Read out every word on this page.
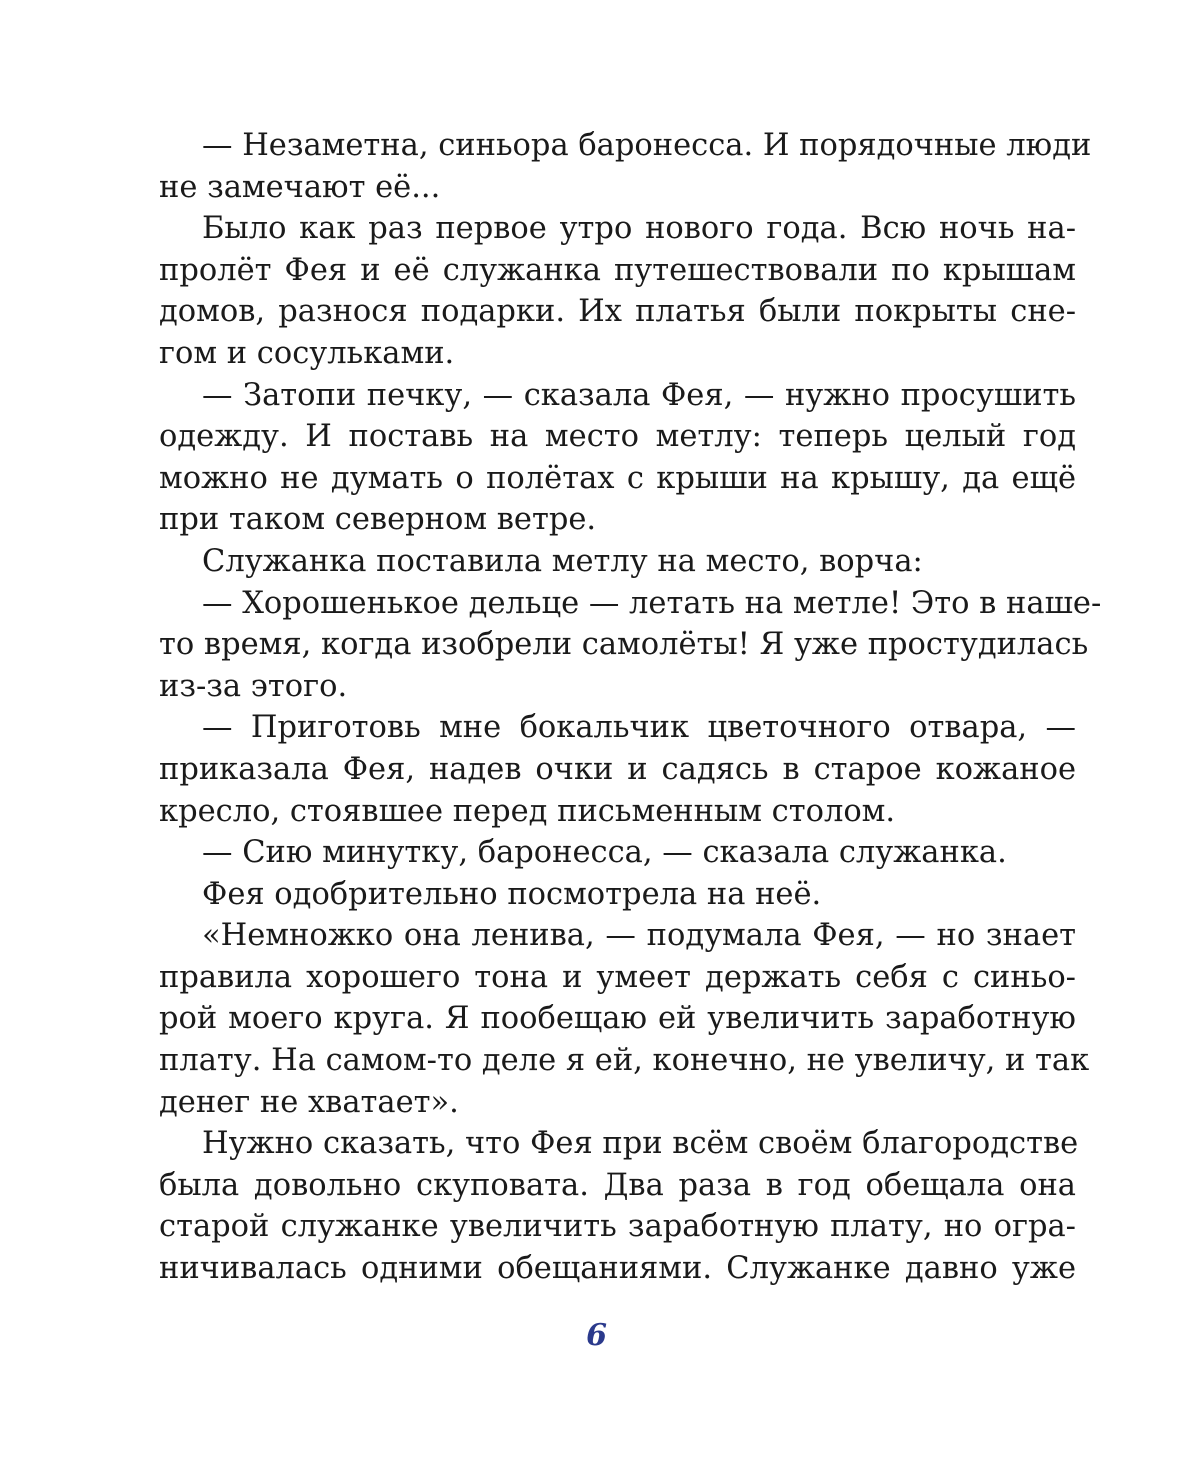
— Незаметна, синьора баронесса. И порядочные люди
не замечают её...
Было как раз первое утро нового года. Всю ночь на-
пролёт Фея и её служанка путешествовали по крышам
домов, разнося подарки. Их платья были покрыты сне-
гом и сосульками.
— Затопи печку, — сказала Фея, — нужно просушить
одежду. И поставь на место метлу: теперь целый год
можно не думать о полётах с крыши на крышу, да ещё
при таком северном ветре.
Служанка поставила метлу на место, ворча:
— Хорошенькое дельце — летать на метле! Это в наше-
то время, когда изобрели самолёты! Я уже простудилась
из-за этого.
— Приготовь мне бокальчик цветочного отвара, —
приказала Фея, надев очки и садясь в старое кожаное
кресло, стоявшее перед письменным столом.
— Сию минутку, баронесса, — сказала служанка.
Фея одобрительно посмотрела на неё.
«Немножко она ленива, — подумала Фея, — но знает
правила хорошего тона и умеет держать себя с синьо-
рой моего круга. Я пообещаю ей увеличить заработную
плату. На самом-то деле я ей, конечно, не увеличу, и так
денег не хватает».
Нужно сказать, что Фея при всём своём благородстве
была довольно скуповата. Два раза в год обещала она
старой служанке увеличить заработную плату, но огра-
ничивалась одними обещаниями. Служанке давно уже
6
